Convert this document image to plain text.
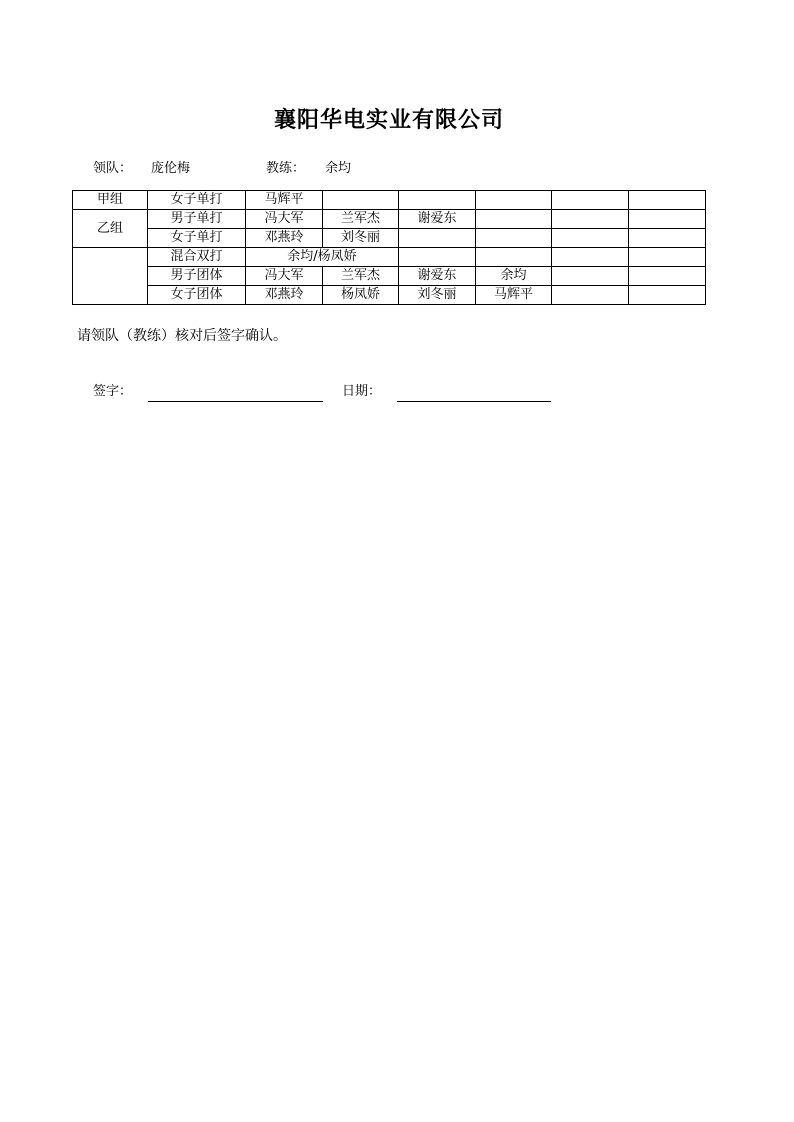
襄阳华电实业有限公司
领队： 庞伦梅	教练： 余均
甲组	女子单打	马辉平					
乙组	男子单打	冯大军	兰军杰	谢爱东			
	女子单打	邓燕玲	刘冬丽				
	混合双打	余均/杨凤娇					
	男子团体	冯大军	兰军杰	谢爱东	余均		
	女子团体	邓燕玲	杨凤娇	刘冬丽	马辉平		
请领队（教练）核对后签字确认。
签字：	日期：
